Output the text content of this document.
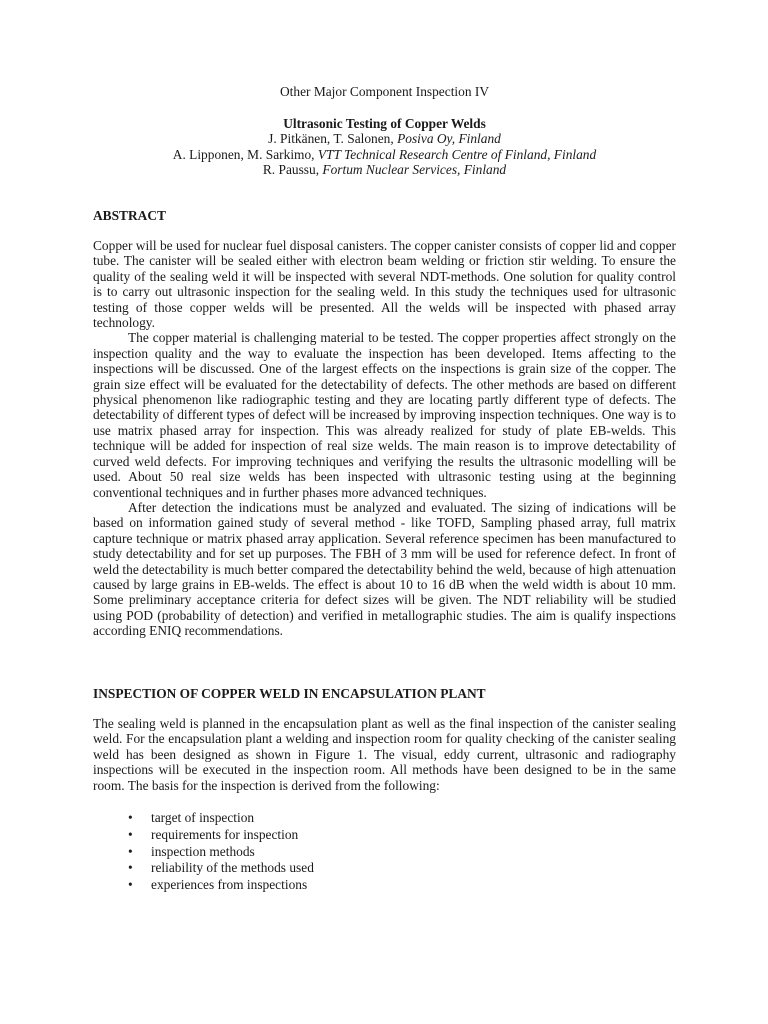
Other Major Component Inspection IV
Ultrasonic Testing of Copper Welds
J. Pitkänen, T. Salonen, Posiva Oy, Finland
A. Lipponen, M. Sarkimo, VTT Technical Research Centre of Finland, Finland
R. Paussu, Fortum Nuclear Services, Finland
ABSTRACT

Copper will be used for nuclear fuel disposal canisters. The copper canister consists of copper lid and copper tube. The canister will be sealed either with electron beam welding or friction stir welding. To ensure the quality of the sealing weld it will be inspected with several NDT-methods. One solution for quality control is to carry out ultrasonic inspection for the sealing weld. In this study the techniques used for ultrasonic testing of those copper welds will be presented. All the welds will be inspected with phased array technology.

The copper material is challenging material to be tested. The copper properties affect strongly on the inspection quality and the way to evaluate the inspection has been developed. Items affecting to the inspections will be discussed. One of the largest effects on the inspections is grain size of the copper. The grain size effect will be evaluated for the detectability of defects. The other methods are based on different physical phenomenon like radiographic testing and they are locating partly different type of defects. The detectability of different types of defect will be increased by improving inspection techniques. One way is to use matrix phased array for inspection. This was already realized for study of plate EB-welds. This technique will be added for inspection of real size welds. The main reason is to improve detectability of curved weld defects. For improving techniques and verifying the results the ultrasonic modelling will be used. About 50 real size welds has been inspected with ultrasonic testing using at the beginning conventional techniques and in further phases more advanced techniques.

After detection the indications must be analyzed and evaluated. The sizing of indications will be based on information gained study of several method - like TOFD, Sampling phased array, full matrix capture technique or matrix phased array application. Several reference specimen has been manufactured to study detectability and for set up purposes. The FBH of 3 mm will be used for reference defect. In front of weld the detectability is much better compared the detectability behind the weld, because of high attenuation caused by large grains in EB-welds. The effect is about 10 to 16 dB when the weld width is about 10 mm. Some preliminary acceptance criteria for defect sizes will be given. The NDT reliability will be studied using POD (probability of detection) and verified in metallographic studies. The aim is qualify inspections according ENIQ recommendations.

INSPECTION OF COPPER WELD IN ENCAPSULATION PLANT

The sealing weld is planned in the encapsulation plant as well as the final inspection of the canister sealing weld. For the encapsulation plant a welding and inspection room for quality checking of the canister sealing weld has been designed as shown in Figure 1. The visual, eddy current, ultrasonic and radiography inspections will be executed in the inspection room. All methods have been designed to be in the same room. The basis for the inspection is derived from the following:

• target of inspection
• requirements for inspection
• inspection methods
• reliability of the methods used
• experiences from inspections
